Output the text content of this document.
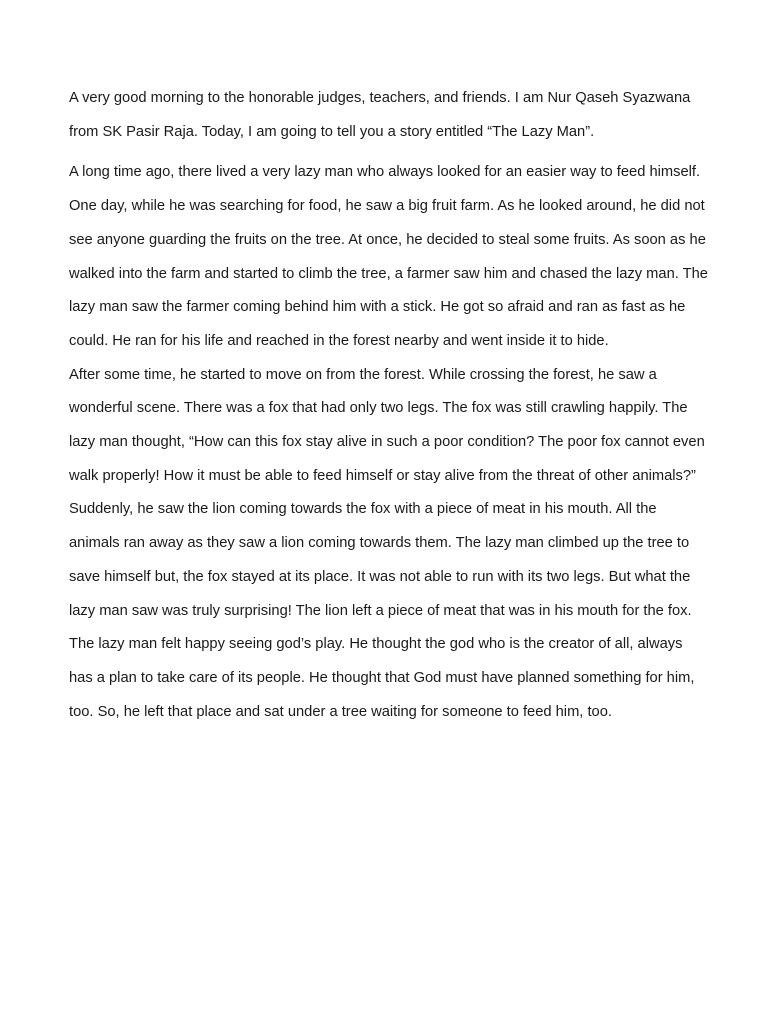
A very good morning to the honorable judges, teachers, and friends. I am Nur Qaseh Syazwana from SK Pasir Raja. Today, I am going to tell you a story entitled “The Lazy Man”.

A long time ago, there lived a very lazy man who always looked for an easier way to feed himself.

One day, while he was searching for food, he saw a big fruit farm. As he looked around, he did not see anyone guarding the fruits on the tree. At once, he decided to steal some fruits. As soon as he walked into the farm and started to climb the tree, a farmer saw him and chased the lazy man. The lazy man saw the farmer coming behind him with a stick. He got so afraid and ran as fast as he could. He ran for his life and reached in the forest nearby and went inside it to hide.

After some time, he started to move on from the forest. While crossing the forest, he saw a wonderful scene. There was a fox that had only two legs. The fox was still crawling happily. The lazy man thought, “How can this fox stay alive in such a poor condition? The poor fox cannot even walk properly! How it must be able to feed himself or stay alive from the threat of other animals?”

Suddenly, he saw the lion coming towards the fox with a piece of meat in his mouth. All the animals ran away as they saw a lion coming towards them. The lazy man climbed up the tree to save himself but, the fox stayed at its place. It was not able to run with its two legs. But what the lazy man saw was truly surprising! The lion left a piece of meat that was in his mouth for the fox.

The lazy man felt happy seeing god’s play. He thought the god who is the creator of all, always has a plan to take care of its people. He thought that God must have planned something for him, too. So, he left that place and sat under a tree waiting for someone to feed him, too.
